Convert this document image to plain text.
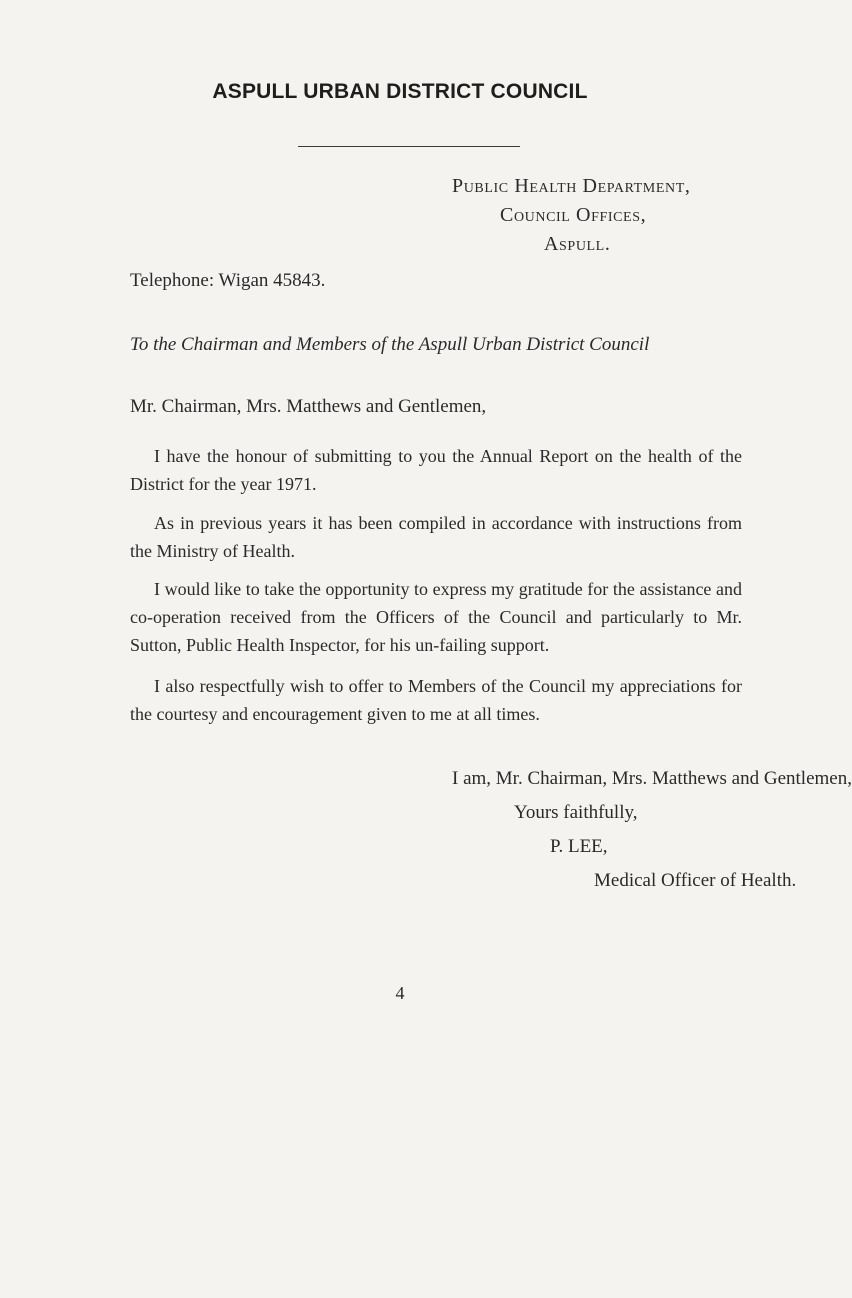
ASPULL URBAN DISTRICT COUNCIL
Public Health Department,
Council Offices,
Aspull.
Telephone: Wigan 45843.
To the Chairman and Members of the Aspull Urban District Council
Mr. Chairman, Mrs. Matthews and Gentlemen,

I have the honour of submitting to you the Annual Report on the health of the District for the year 1971.

As in previous years it has been compiled in accordance with instructions from the Ministry of Health.

I would like to take the opportunity to express my gratitude for the assistance and co-operation received from the Officers of the Council and particularly to Mr. Sutton, Public Health Inspector, for his un-failing support.

I also respectfully wish to offer to Members of the Council my appreciations for the courtesy and encouragement given to me at all times.

I am, Mr. Chairman, Mrs. Matthews and Gentlemen,
Yours faithfully,
P. LEE,
Medical Officer of Health.
4
